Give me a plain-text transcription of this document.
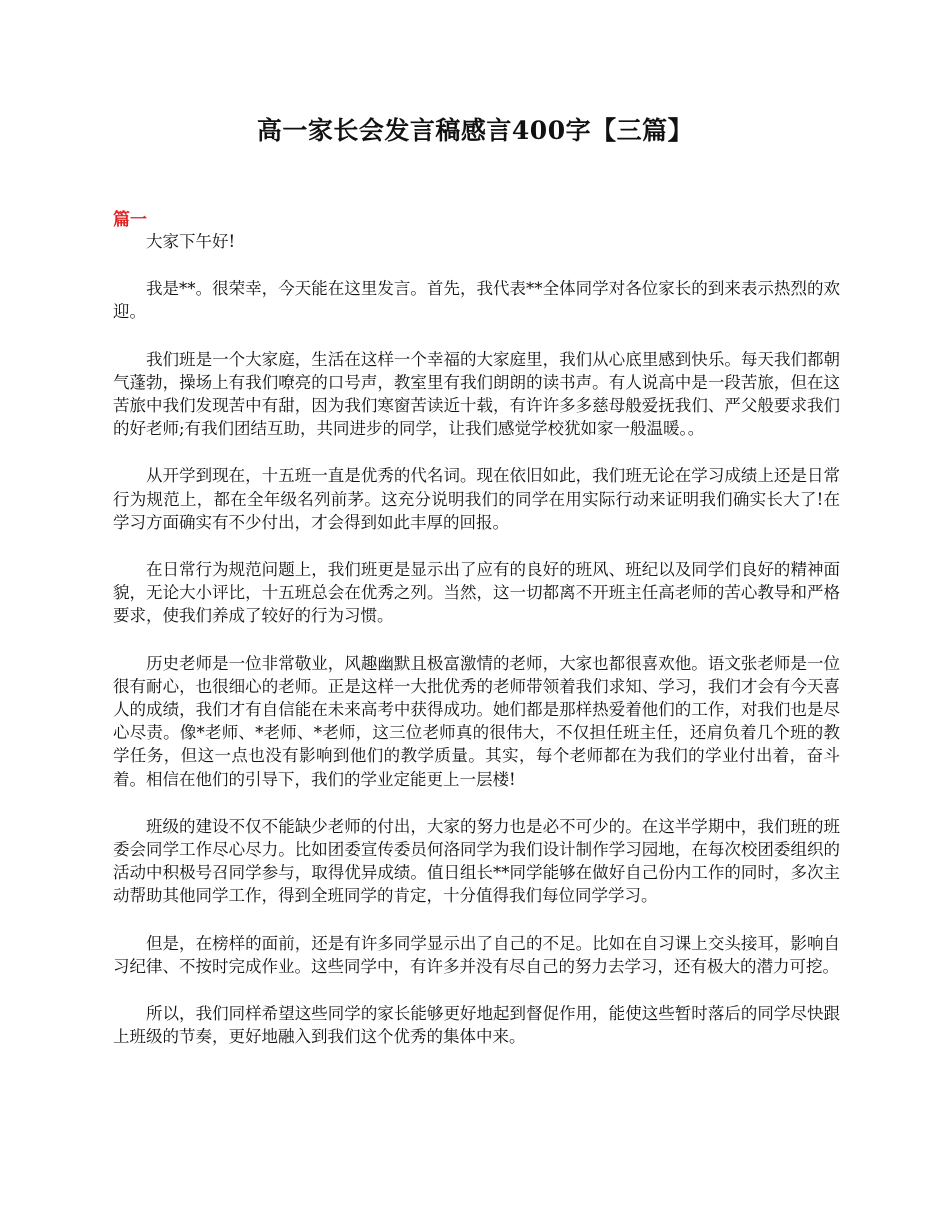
高一家长会发言稿感言400字【三篇】
篇一

大家下午好!

我是**。很荣幸，今天能在这里发言。首先，我代表**全体同学对各位家长的到来表示热烈的欢迎。

我们班是一个大家庭，生活在这样一个幸福的大家庭里，我们从心底里感到快乐。每天我们都朝气蓬勃，操场上有我们嘹亮的口号声，教室里有我们朗朗的读书声。有人说高中是一段苦旅，但在这苦旅中我们发现苦中有甜，因为我们寒窗苦读近十载，有许许多多慈母般爱抚我们、严父般要求我们的好老师;有我们团结互助，共同进步的同学，让我们感觉学校犹如家一般温暖。。

从开学到现在，十五班一直是优秀的代名词。现在依旧如此，我们班无论在学习成绩上还是日常行为规范上，都在全年级名列前茅。这充分说明我们的同学在用实际行动来证明我们确实长大了!在学习方面确实有不少付出，才会得到如此丰厚的回报。

在日常行为规范问题上，我们班更是显示出了应有的良好的班风、班纪以及同学们良好的精神面貌，无论大小评比，十五班总会在优秀之列。当然，这一切都离不开班主任高老师的苦心教导和严格要求，使我们养成了较好的行为习惯。

历史老师是一位非常敬业，风趣幽默且极富激情的老师，大家也都很喜欢他。语文张老师是一位很有耐心，也很细心的老师。正是这样一大批优秀的老师带领着我们求知、学习，我们才会有今天喜人的成绩，我们才有自信能在未来高考中获得成功。她们都是那样热爱着他们的工作，对我们也是尽心尽责。像*老师、*老师、*老师，这三位老师真的很伟大，不仅担任班主任，还肩负着几个班的教学任务，但这一点也没有影响到他们的教学质量。其实，每个老师都在为我们的学业付出着，奋斗着。相信在他们的引导下，我们的学业定能更上一层楼!

班级的建设不仅不能缺少老师的付出，大家的努力也是必不可少的。在这半学期中，我们班的班委会同学工作尽心尽力。比如团委宣传委员何洛同学为我们设计制作学习园地，在每次校团委组织的活动中积极号召同学参与，取得优异成绩。值日组长**同学能够在做好自己份内工作的同时，多次主动帮助其他同学工作，得到全班同学的肯定，十分值得我们每位同学学习。

但是，在榜样的面前，还是有许多同学显示出了自己的不足。比如在自习课上交头接耳，影响自习纪律、不按时完成作业。这些同学中，有许多并没有尽自己的努力去学习，还有极大的潜力可挖。

所以，我们同样希望这些同学的家长能够更好地起到督促作用，能使这些暂时落后的同学尽快跟上班级的节奏，更好地融入到我们这个优秀的集体中来。
